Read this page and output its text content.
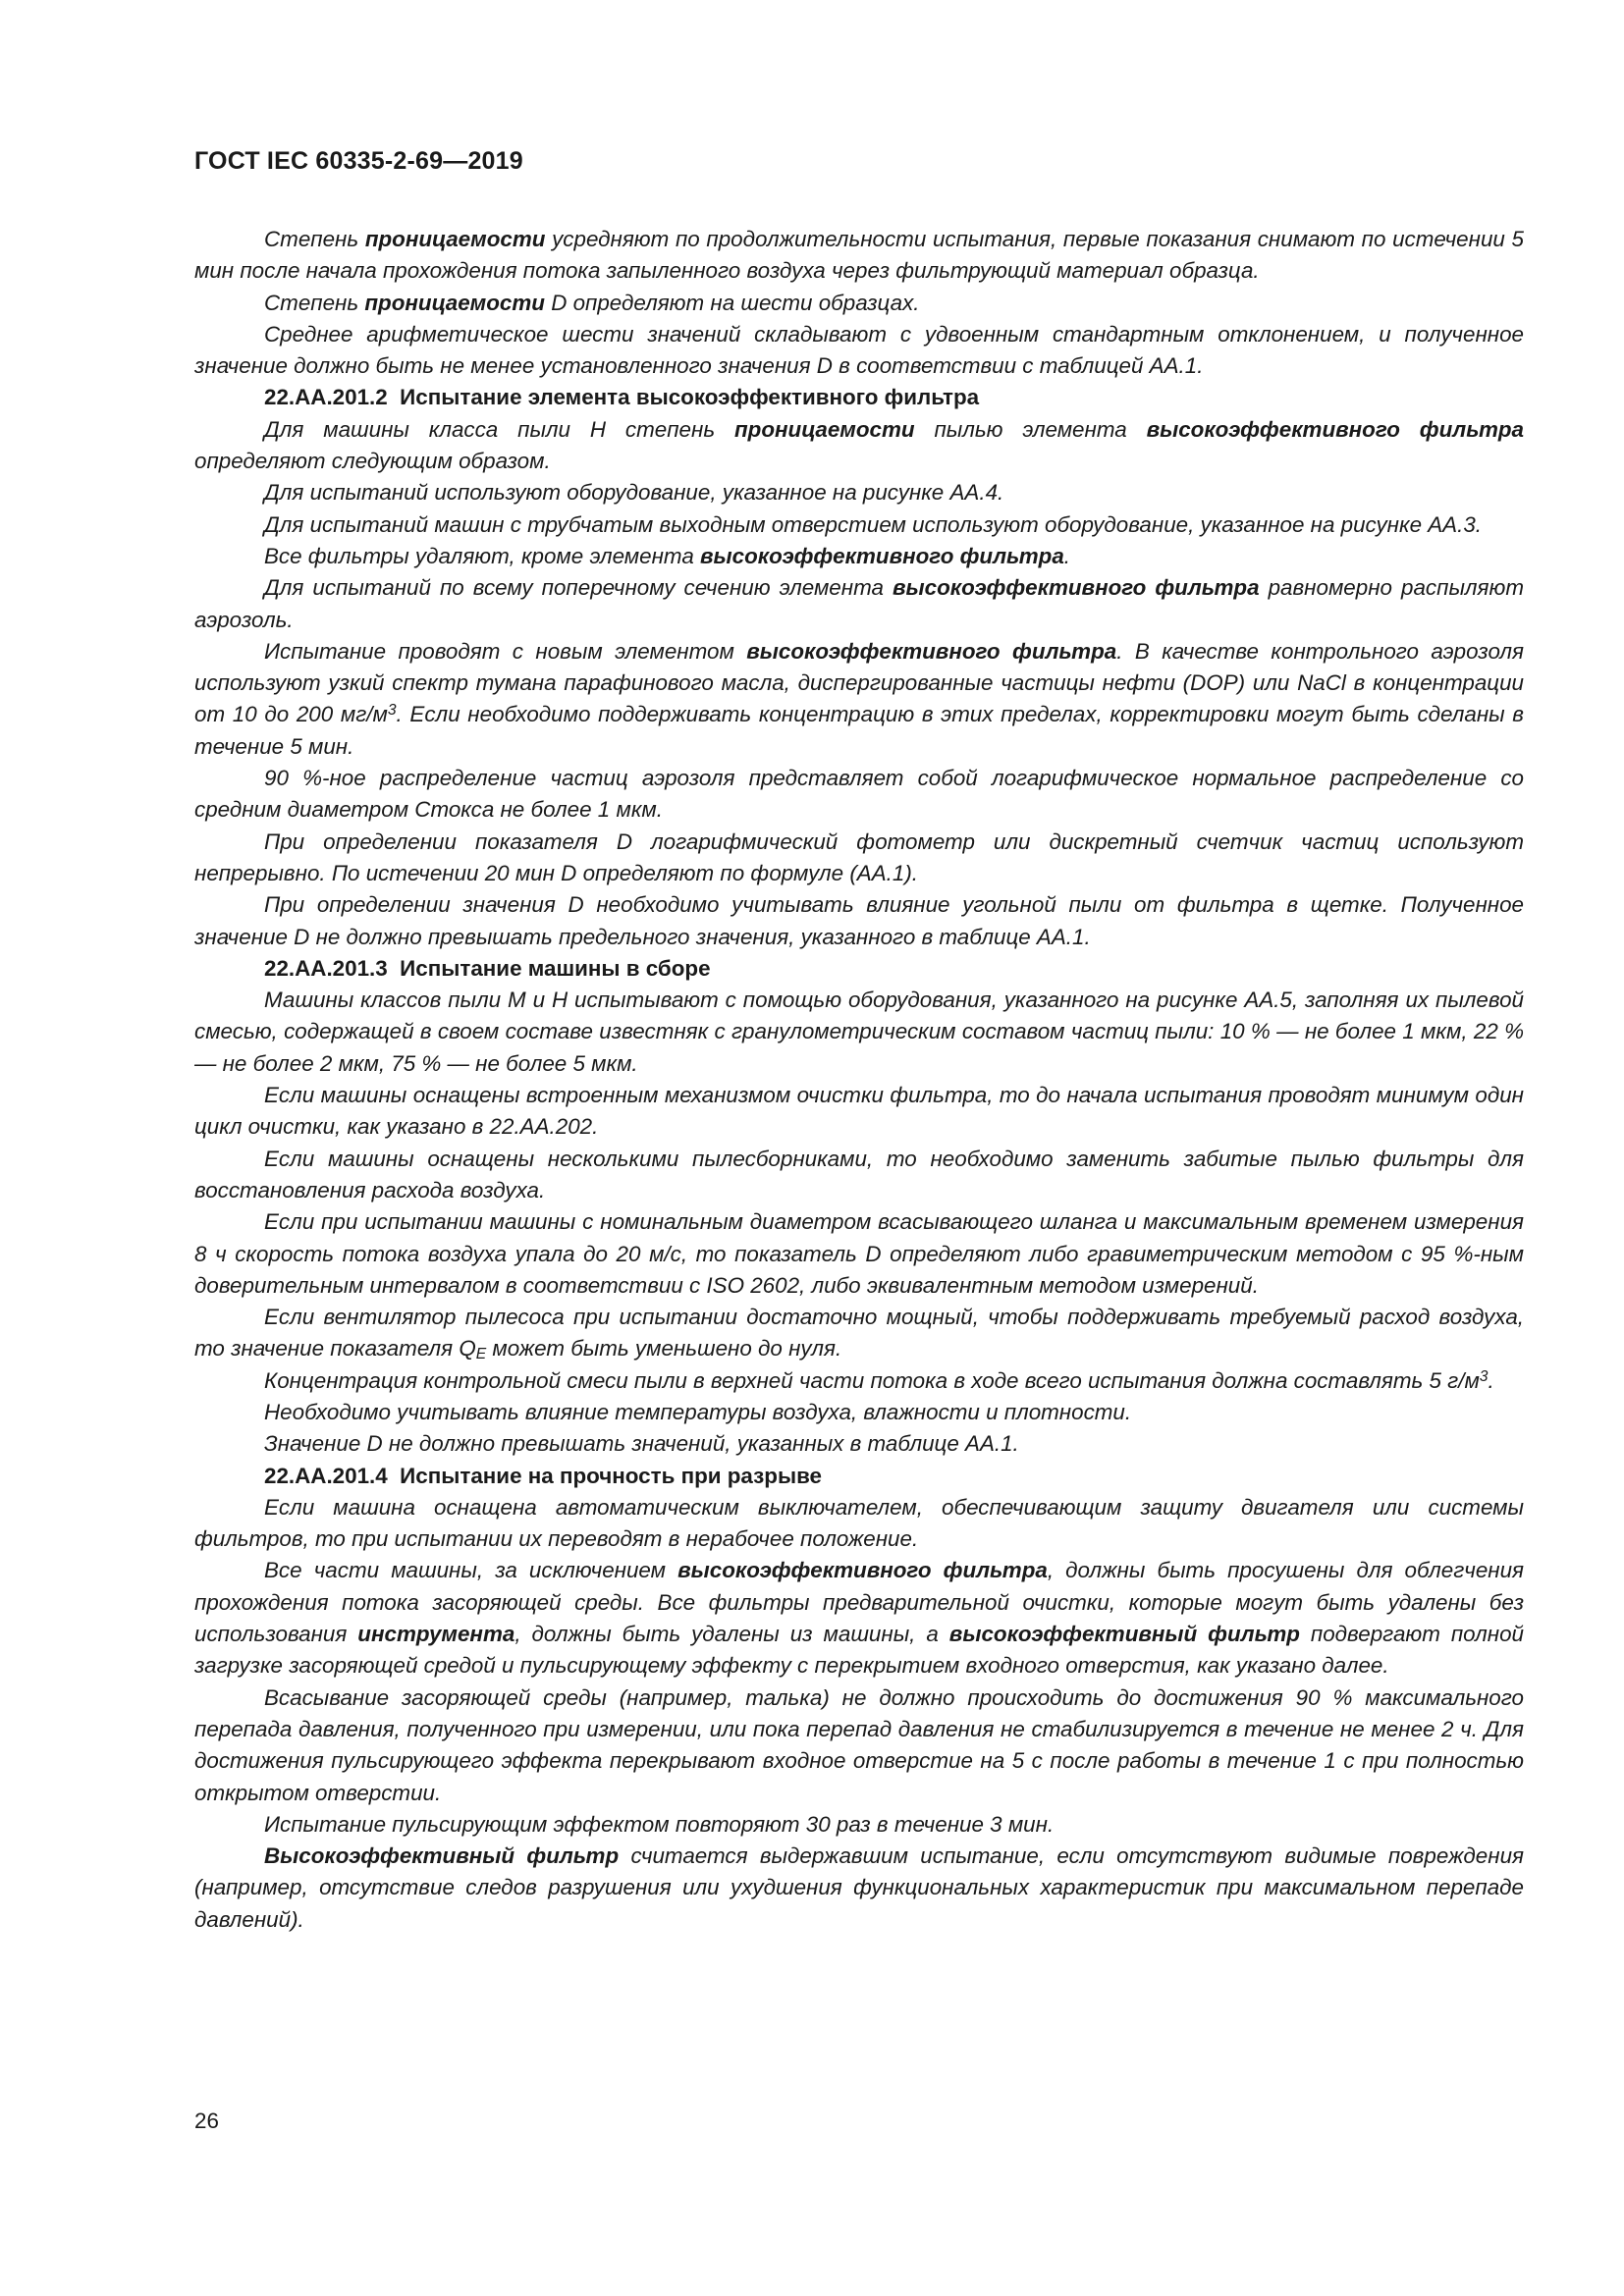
ГОСТ IEC 60335-2-69—2019

Степень проницаемости усредняют по продолжительности испытания, первые показания снимают по истечении 5 мин после начала прохождения потока запыленного воздуха через фильтрующий материал образца.

Степень проницаемости D определяют на шести образцах.

Среднее арифметическое шести значений складывают с удвоенным стандартным отклонением, и полученное значение должно быть не менее установленного значения D в соответствии с таблицей АА.1.

22.АА.201.2 Испытание элемента высокоэффективного фильтра

Для машины класса пыли Н степень проницаемости пылью элемента высокоэффективного фильтра определяют следующим образом.

Для испытаний используют оборудование, указанное на рисунке АА.4.

Для испытаний машин с трубчатым выходным отверстием используют оборудование, указанное на рисунке АА.3.

Все фильтры удаляют, кроме элемента высокоэффективного фильтра.

Для испытаний по всему поперечному сечению элемента высокоэффективного фильтра равномерно распыляют аэрозоль.

Испытание проводят с новым элементом высокоэффективного фильтра. В качестве контрольного аэрозоля используют узкий спектр тумана парафинового масла, диспергированные частицы нефти (DOP) или NaCl в концентрации от 10 до 200 $мг/м^3$. Если необходимо поддерживать концентрацию в этих пределах, корректировки могут быть сделаны в течение 5 мин.

90 %-ное распределение частиц аэрозоля представляет собой логарифмическое нормальное распределение со средним диаметром Стокса не более 1 мкм.

При определении показателя D логарифмический фотометр или дискретный счетчик частиц используют непрерывно. По истечении 20 мин D определяют по формуле (АА.1).

При определении значения D необходимо учитывать влияние угольной пыли от фильтра в щетке. Полученное значение D не должно превышать предельного значения, указанного в таблице АА.1.

22.АА.201.3 Испытание машины в сборе

Машины классов пыли М и Н испытывают с помощью оборудования, указанного на рисунке АА.5, заполняя их пылевой смесью, содержащей в своем составе известняк с гранулометрическим составом частиц пыли: 10 % — не более 1 мкм, 22 % — не более 2 мкм, 75 % — не более 5 мкм.

Если машины оснащены встроенным механизмом очистки фильтра, то до начала испытания проводят минимум один цикл очистки, как указано в 22.АА.202.

Если машины оснащены несколькими пылесборниками, то необходимо заменить забитые пылью фильтры для восстановления расхода воздуха.

Если при испытании машины с номинальным диаметром всасывающего шланга и максимальным временем измерения 8 ч скорость потока воздуха упала до 20 м/с, то показатель D определяют либо гравиметрическим методом с 95 %-ным доверительным интервалом в соответствии с ISO 2602, либо эквивалентным методом измерений.

Если вентилятор пылесоса при испытании достаточно мощный, чтобы поддерживать требуемый расход воздуха, то значение показателя $Q_E$ может быть уменьшено до нуля.

Концентрация контрольной смеси пыли в верхней части потока в ходе всего испытания должна составлять 5 $г/м^3$.

Необходимо учитывать влияние температуры воздуха, влажности и плотности.

Значение D не должно превышать значений, указанных в таблице АА.1.

22.АА.201.4 Испытание на прочность при разрыве

Если машина оснащена автоматическим выключателем, обеспечивающим защиту двигателя или системы фильтров, то при испытании их переводят в нерабочее положение.

Все части машины, за исключением высокоэффективного фильтра, должны быть просушены для облегчения прохождения потока засоряющей среды. Все фильтры предварительной очистки, которые могут быть удалены без использования инструмента, должны быть удалены из машины, а высокоэффективный фильтр подвергают полной загрузке засоряющей средой и пульсирующему эффекту с перекрытием входного отверстия, как указано далее.

Всасывание засоряющей среды (например, талька) не должно происходить до достижения 90 % максимального перепада давления, полученного при измерении, или пока перепад давления не стабилизируется в течение не менее 2 ч. Для достижения пульсирующего эффекта перекрывают входное отверстие на 5 с после работы в течение 1 с при полностью открытом отверстии.

Испытание пульсирующим эффектом повторяют 30 раз в течение 3 мин.

Высокоэффективный фильтр считается выдержавшим испытание, если отсутствуют видимые повреждения (например, отсутствие следов разрушения или ухудшения функциональных характеристик при максимальном перепаде давлений).

26
